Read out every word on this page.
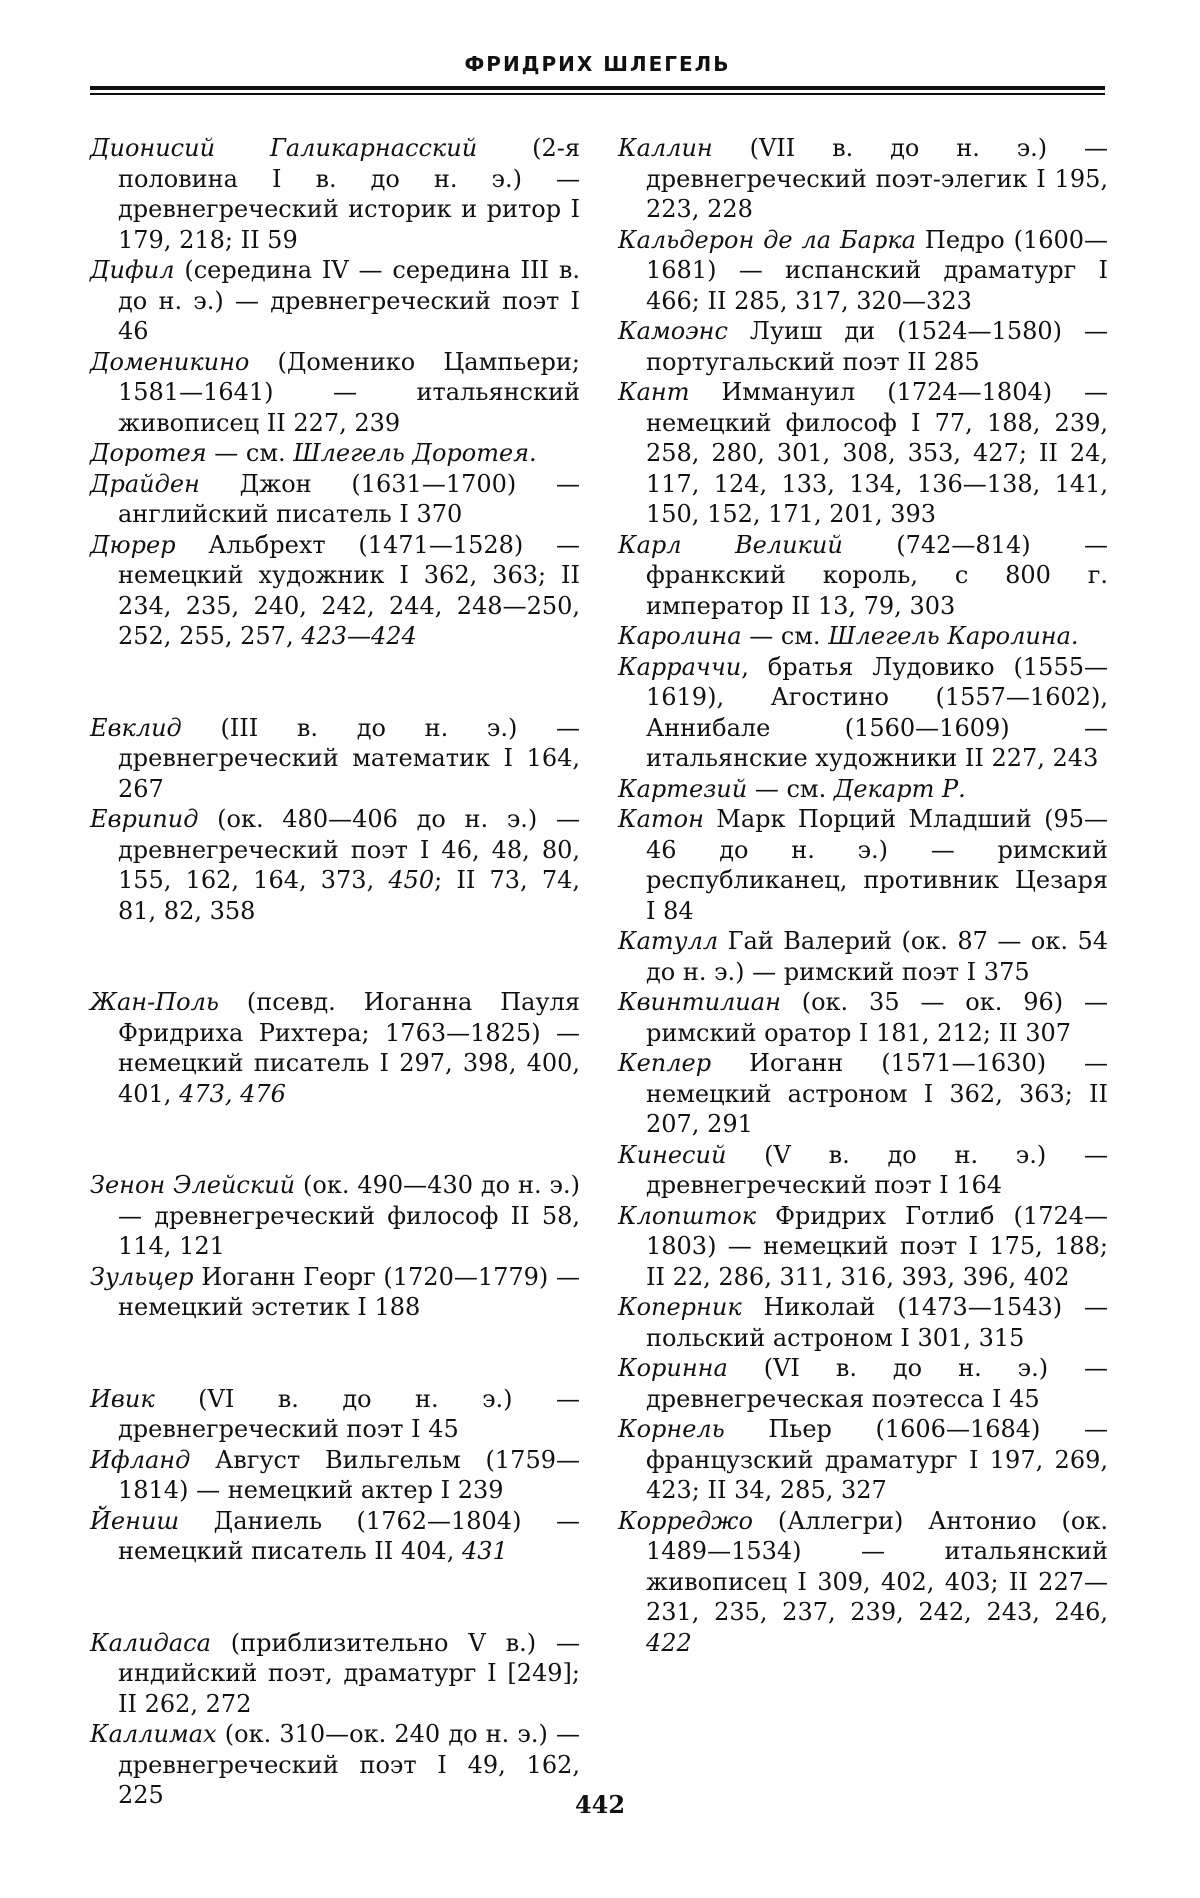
ФРИДРИХ ШЛЕГЕЛЬ

Дионисий Галикарнасский (2-я половина I в. до н. э.) — древнегреческий историк и ритор I 179, 218; II 59

Дифил (середина IV — середина III в. до н. э.) — древнегреческий поэт I 46

Доменикино (Доменико Цампьери; 1581—1641) — итальянский живописец II 227, 239

Доротея — см. Шлегель Доротея.

Драйден Джон (1631—1700) — английский писатель I 370

Дюрер Альбрехт (1471—1528) — немецкий художник I 362, 363; II 234, 235, 240, 242, 244, 248—250, 252, 255, 257, 423—424

Евклид (III в. до н. э.) — древнегреческий математик I 164, 267

Еврипид (ок. 480—406 до н. э.) — древнегреческий поэт I 46, 48, 80, 155, 162, 164, 373, 450; II 73, 74, 81, 82, 358

Жан-Поль (псевд. Иоганна Пауля Фридриха Рихтера; 1763—1825) — немецкий писатель I 297, 398, 400, 401, 473, 476

Зенон Элейский (ок. 490—430 до н. э.) — древнегреческий философ II 58, 114, 121

Зульцер Иоганн Георг (1720—1779) — немецкий эстетик I 188

Ивик (VI в. до н. э.) — древнегреческий поэт I 45

Ифланд Август Вильгельм (1759—1814) — немецкий актер I 239

Йениш Даниель (1762—1804) — немецкий писатель II 404, 431

Калидаса (приблизительно V в.) — индийский поэт, драматург I [249]; II 262, 272

Каллимах (ок. 310—ок. 240 до н. э.) — древнегреческий поэт I 49, 162, 225

Каллин (VII в. до н. э.) — древнегреческий поэт-элегик I 195, 223, 228

Кальдерон де ла Барка Педро (1600—1681) — испанский драматург I 466; II 285, 317, 320—323

Камоэнс Луиш ди (1524—1580) — португальский поэт II 285

Кант Иммануил (1724—1804) — немецкий философ I 77, 188, 239, 258, 280, 301, 308, 353, 427; II 24, 117, 124, 133, 134, 136—138, 141, 150, 152, 171, 201, 393

Карл Великий (742—814) — франкский король, с 800 г. император II 13, 79, 303

Каролина — см. Шлегель Каролина.

Карраччи, братья Лудовико (1555—1619), Агостино (1557—1602), Аннибале (1560—1609) — итальянские художники II 227, 243

Картезий — см. Декарт Р.

Катон Марк Порций Младший (95—46 до н. э.) — римский республиканец, противник Цезаря I 84

Катулл Гай Валерий (ок. 87 — ок. 54 до н. э.) — римский поэт I 375

Квинтилиан (ок. 35 — ок. 96) — римский оратор I 181, 212; II 307

Кеплер Иоганн (1571—1630) — немецкий астроном I 362, 363; II 207, 291

Кинесий (V в. до н. э.) — древнегреческий поэт I 164

Клопшток Фридрих Готлиб (1724—1803) — немецкий поэт I 175, 188; II 22, 286, 311, 316, 393, 396, 402

Коперник Николай (1473—1543) — польский астроном I 301, 315

Коринна (VI в. до н. э.) — древнегреческая поэтесса I 45

Корнель Пьер (1606—1684) — французский драматург I 197, 269, 423; II 34, 285, 327

Корреджо (Аллегри) Антонио (ок. 1489—1534) — итальянский живописец I 309, 402, 403; II 227—231, 235, 237, 239, 242, 243, 246, 422

442
